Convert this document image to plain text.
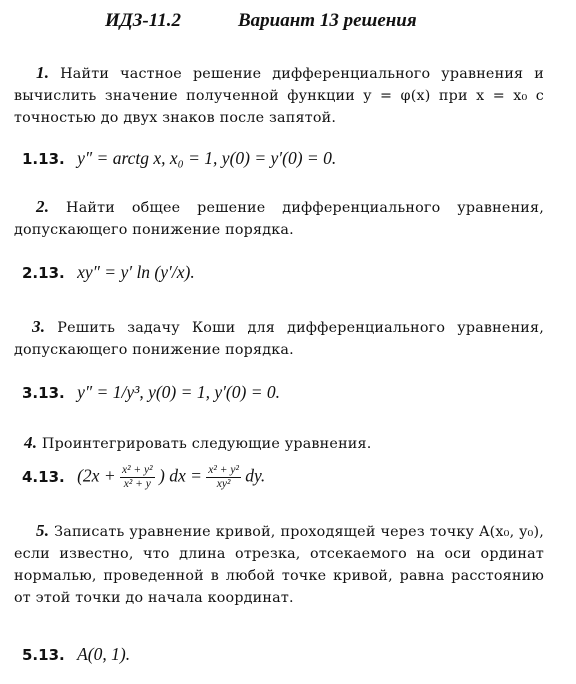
ИДЗ-11.2	Вариант 13 решения
1. Найти частное решение дифференциального уравнения и вычислить значение полученной функции y = φ(x) при x = x₀ с точностью до двух знаков после запятой.
1.13. y″ = arctg x, x₀ = 1, y(0) = y′(0) = 0.
2. Найти общее решение дифференциального уравнения, допускающего понижение порядка.
2.13. xy″ = y′ ln (y′/x).
3. Решить задачу Коши для дифференциального уравнения, допускающего понижение порядка.
3.13. y″ = 1/y³, y(0) = 1, y′(0) = 0.
4. Проинтегрировать следующие уравнения.
4.13. ($2x + \frac{\text{x² + y²}}{\text{x² + y}}$ ) dx = $\frac{\text{x² + y²}}{\text{xy²}}$ dy.
5. Записать уравнение кривой, проходящей через точку A(x₀, y₀), если известно, что длина отрезка, отсекаемого на оси ординат нормалью, проведенной в любой точке кривой, равна расстоянию от этой точки до начала координат.
5.13. A(0, 1).
